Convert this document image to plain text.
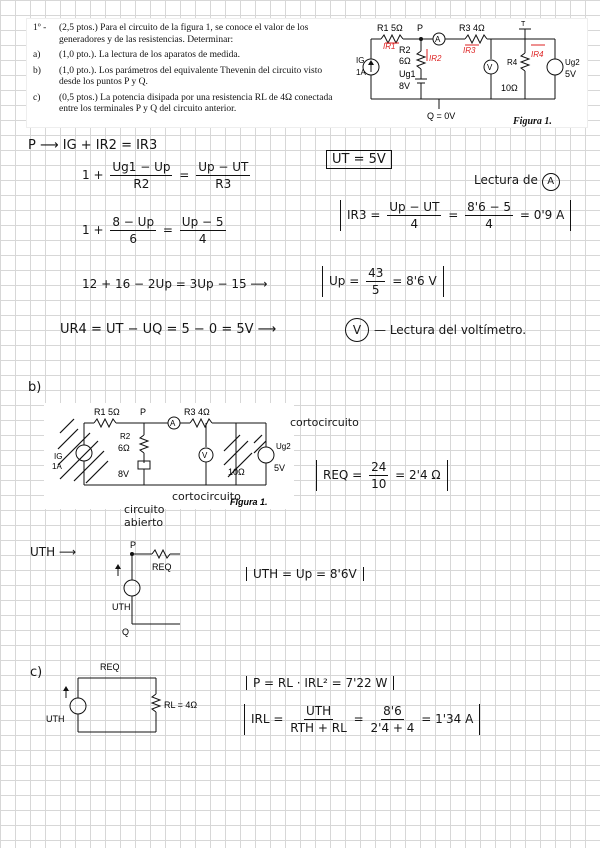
1º -	(2,5 ptos.) Para el circuito de la figura 1, se conoce el valor de los generadores y de las resistencias. Determinar:
a)	(1,0 pto.). La lectura de los aparatos de medida.
b)	(1,0 pto.). Los parámetros del equivalente Thevenin del circuito visto desde los puntos P y Q.
c)	(0,5 ptos.) La potencia disipada por una resistencia RL de 4Ω conectada entre los terminales P y Q del circuito anterior.
R1 5Ω P
A
R3 4Ω
R2
6Ω
Ug1
8V
IG
1A
V
R4
10Ω
Ug2
5V
Q = 0V
T
IR1
IR2
IR3	IR4
Figura 1.
P ⟶ IG + IR2 = IR3
$1 + \frac{Ug1 - Up}{R2} = \frac{Up - UT}{R3}$
UT = 5V
Lectura de A
$1 + \frac{8 - Up}{6} = \frac{Up - 5}{4}$	$IR3 = \frac{Up - UT}{4} = \frac{8'6 - 5}{4} = 0'9$ A
12 + 16 − 2Up = 3Up − 15 ⟶	$Up = \frac{43}{5} = 8'6$ V
UR4 = UT − UQ = 5 − 0 = 5V ⟶	V	— Lectura del voltímetro.
b)
R1 5Ω P
A
R3 4Ω
R2
6Ω
8V
IG
1A
V
10Ω
Ug2
5V
Figura 1.
cortocircuito
cortocircuito
circuito abierto
REQ = $\frac{24}{10} = 2'4$ Ω
UTH ⟶	P
REQ
UTH
Q
UTH = Up = 8'6V
c)	REQ
UTH
RL = 4Ω
P = RL · IRL² = 7'22 W
IRL =
UTH
RTH + RL
= $\frac{8'6}{2'4 + 4} = 1'34$ A
